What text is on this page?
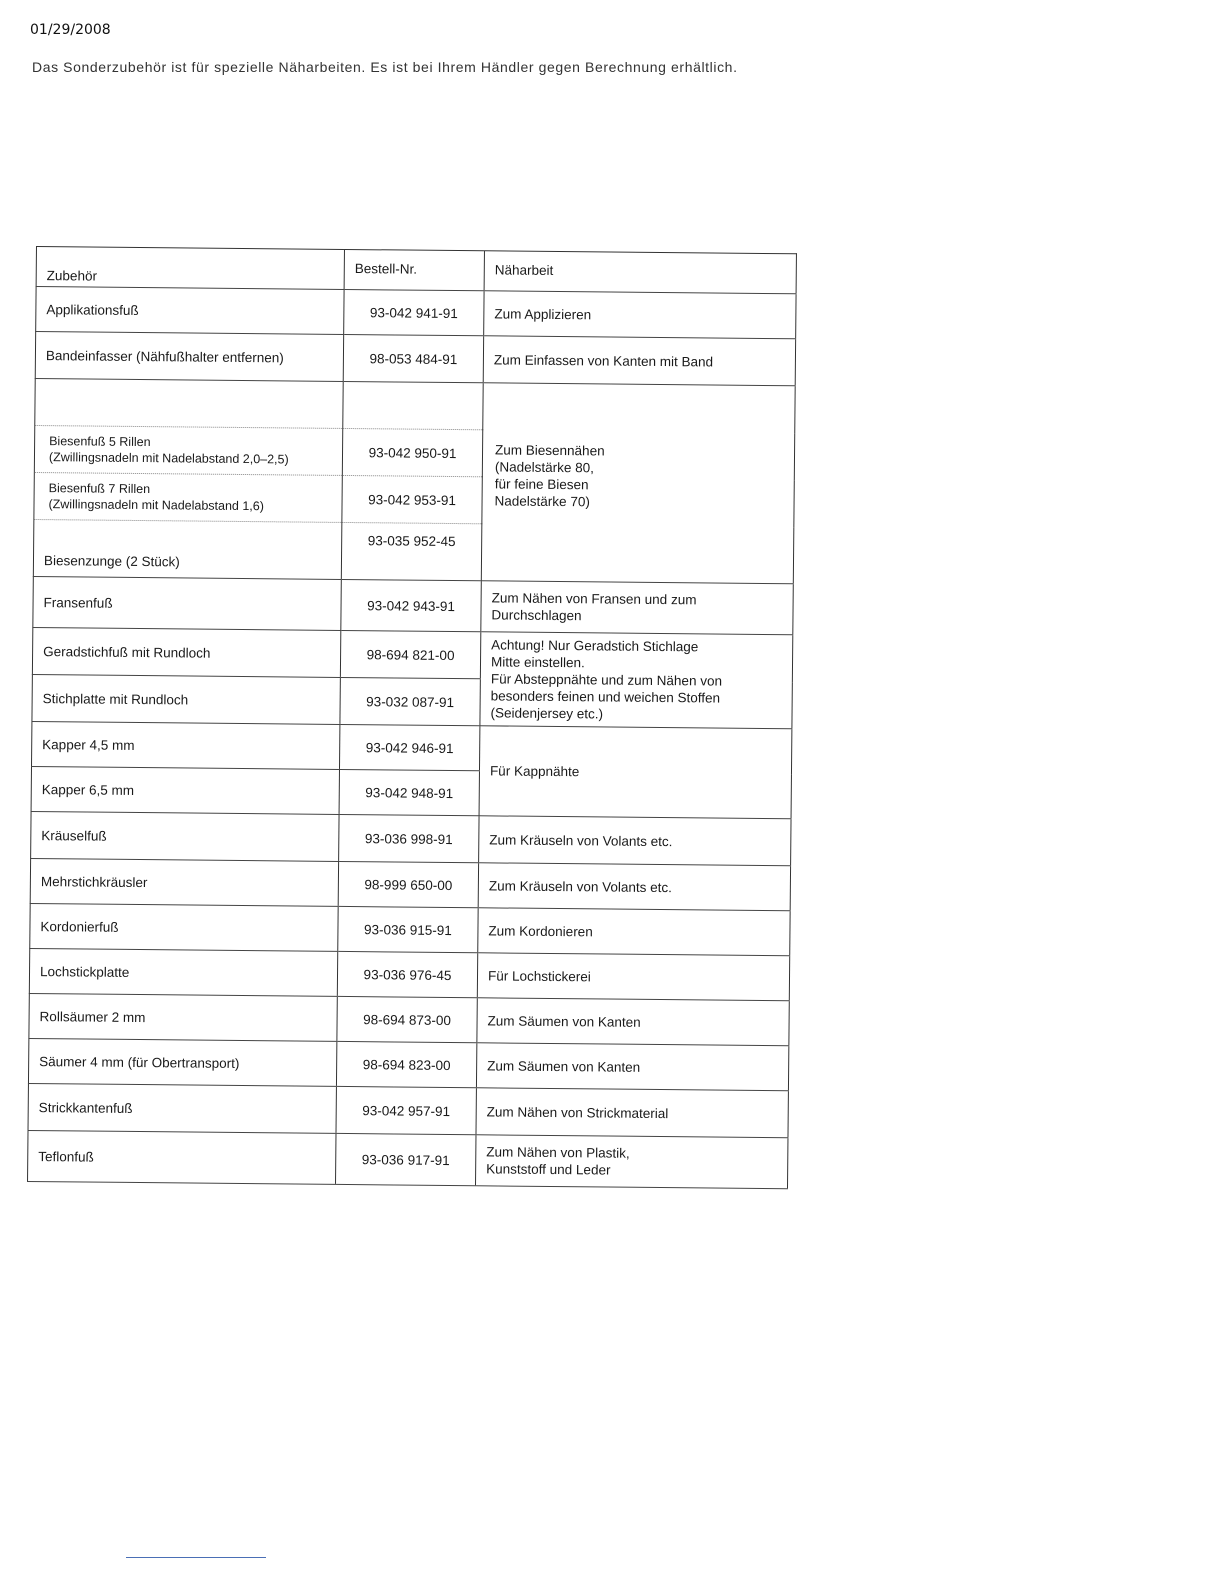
01/29/2008
Das Sonderzubehör ist für spezielle Näharbeiten. Es ist bei Ihrem Händler gegen Berechnung erhältlich.
Zubehör	Bestell-Nr.	Näharbeit
Applikationsfuß	93-042 941-91	Zum Applizieren
Bandeinfasser (Nähfußhalter entfernen)	98-053 484-91	Zum Einfassen von Kanten mit Band

		Zum Biesennähen
(Nadelstärke 80,
für feine Biesen
Nadelstärke 70)

Biesenfuß 5 Rillen
(Zwillingsnadeln mit Nadelabstand 2,0–2,5)	93-042 950-91	
Biesenfuß 7 Rillen
(Zwillingsnadeln mit Nadelabstand 1,6)	93-042 953-91	
Biesenzunge (2 Stück)	93-035 952-45	
Fransenfuß	93-042 943-91	Zum Nähen von Fransen und zum Durchschlagen
Geradstichfuß mit Rundloch	98-694 821-00	Achtung! Nur Geradstich Stichlage
Mitte einstellen.
Für Absteppnähte und zum Nähen von
besonders feinen und weichen Stoffen
(Seidenjersey etc.)
Stichplatte mit Rundloch	93-032 087-91	
Kapper 4,5 mm	93-042 946-91	Für Kappnähte
Kapper 6,5 mm	93-042 948-91	
Kräuselfuß	93-036 998-91	Zum Kräuseln von Volants etc.
Mehrstichkräusler	98-999 650-00	Zum Kräuseln von Volants etc.
Kordonierfuß	93-036 915-91	Zum Kordonieren
Lochstickplatte	93-036 976-45	Für Lochstickerei
Rollsäumer 2 mm	98-694 873-00	Zum Säumen von Kanten
Säumer 4 mm (für Obertransport)	98-694 823-00	Zum Säumen von Kanten
Strickkantenfuß	93-042 957-91	Zum Nähen von Strickmaterial
Teflonfuß	93-036 917-91	Zum Nähen von Plastik,
Kunststoff und Leder
